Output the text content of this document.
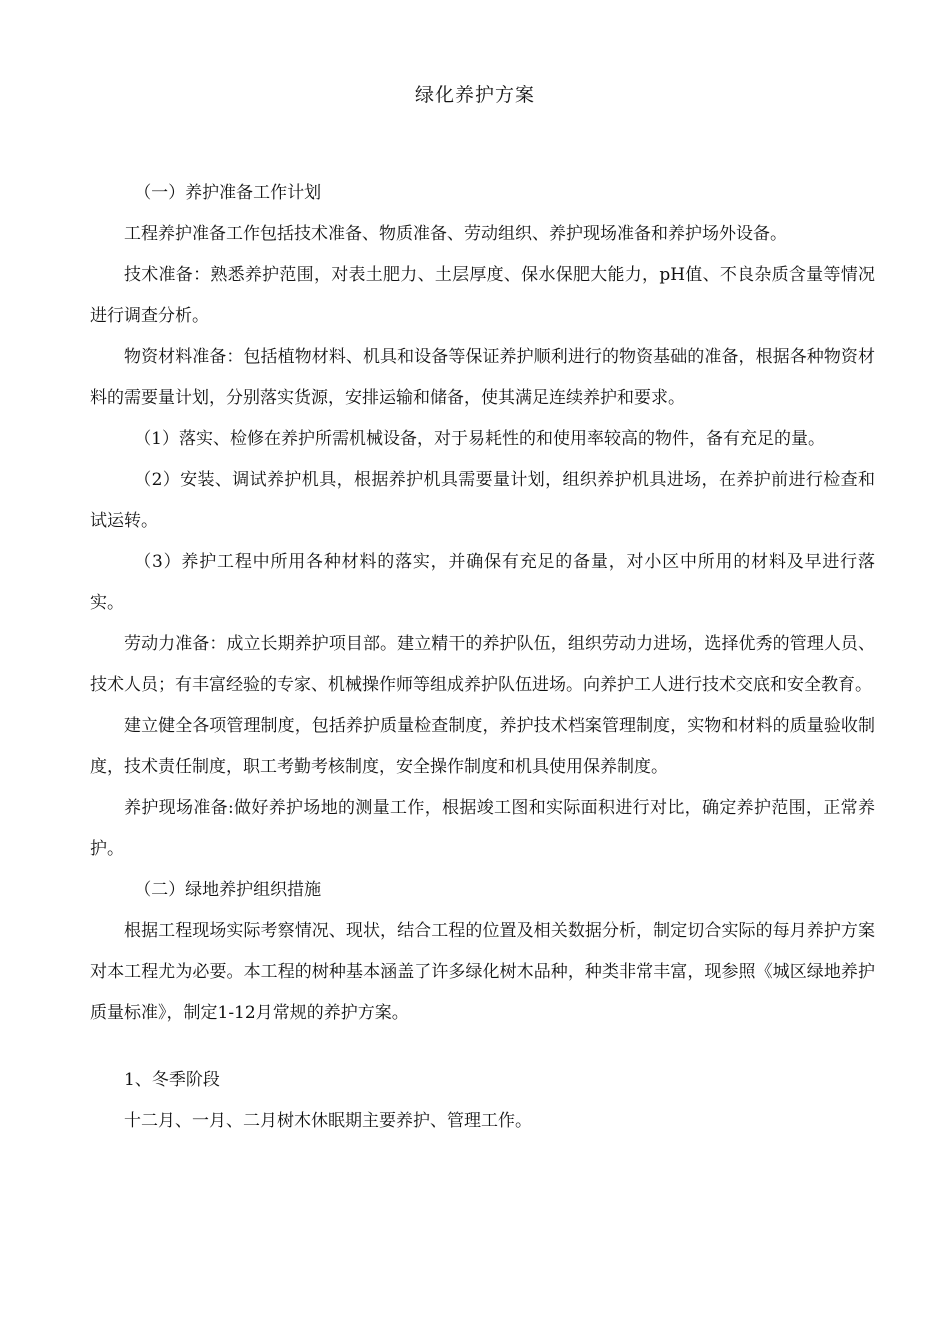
绿化养护方案

（一）养护准备工作计划

工程养护准备工作包括技术准备、物质准备、劳动组织、养护现场准备和养护场外设备。

技术准备：熟悉养护范围，对表土肥力、土层厚度、保水保肥大能力，pH值、不良杂质含量等情况进行调查分析。

物资材料准备：包括植物材料、机具和设备等保证养护顺利进行的物资基础的准备，根据各种物资材料的需要量计划，分别落实货源，安排运输和储备，使其满足连续养护和要求。

（1）落实、检修在养护所需机械设备，对于易耗性的和使用率较高的物件，备有充足的量。

（2）安装、调试养护机具，根据养护机具需要量计划，组织养护机具进场，在养护前进行检查和试运转。

（3）养护工程中所用各种材料的落实，并确保有充足的备量，对小区中所用的材料及早进行落实。

劳动力准备：成立长期养护项目部。建立精干的养护队伍，组织劳动力进场，选择优秀的管理人员、技术人员；有丰富经验的专家、机械操作师等组成养护队伍进场。向养护工人进行技术交底和安全教育。

建立健全各项管理制度，包括养护质量检查制度，养护技术档案管理制度，实物和材料的质量验收制度，技术责任制度，职工考勤考核制度，安全操作制度和机具使用保养制度。

养护现场准备:做好养护场地的测量工作，根据竣工图和实际面积进行对比，确定养护范围，正常养护。

（二）绿地养护组织措施

根据工程现场实际考察情况、现状，结合工程的位置及相关数据分析，制定切合实际的每月养护方案对本工程尤为必要。本工程的树种基本涵盖了许多绿化树木品种，种类非常丰富，现参照《城区绿地养护质量标准》，制定1-12月常规的养护方案。

1、冬季阶段

十二月、一月、二月树木休眠期主要养护、管理工作。
